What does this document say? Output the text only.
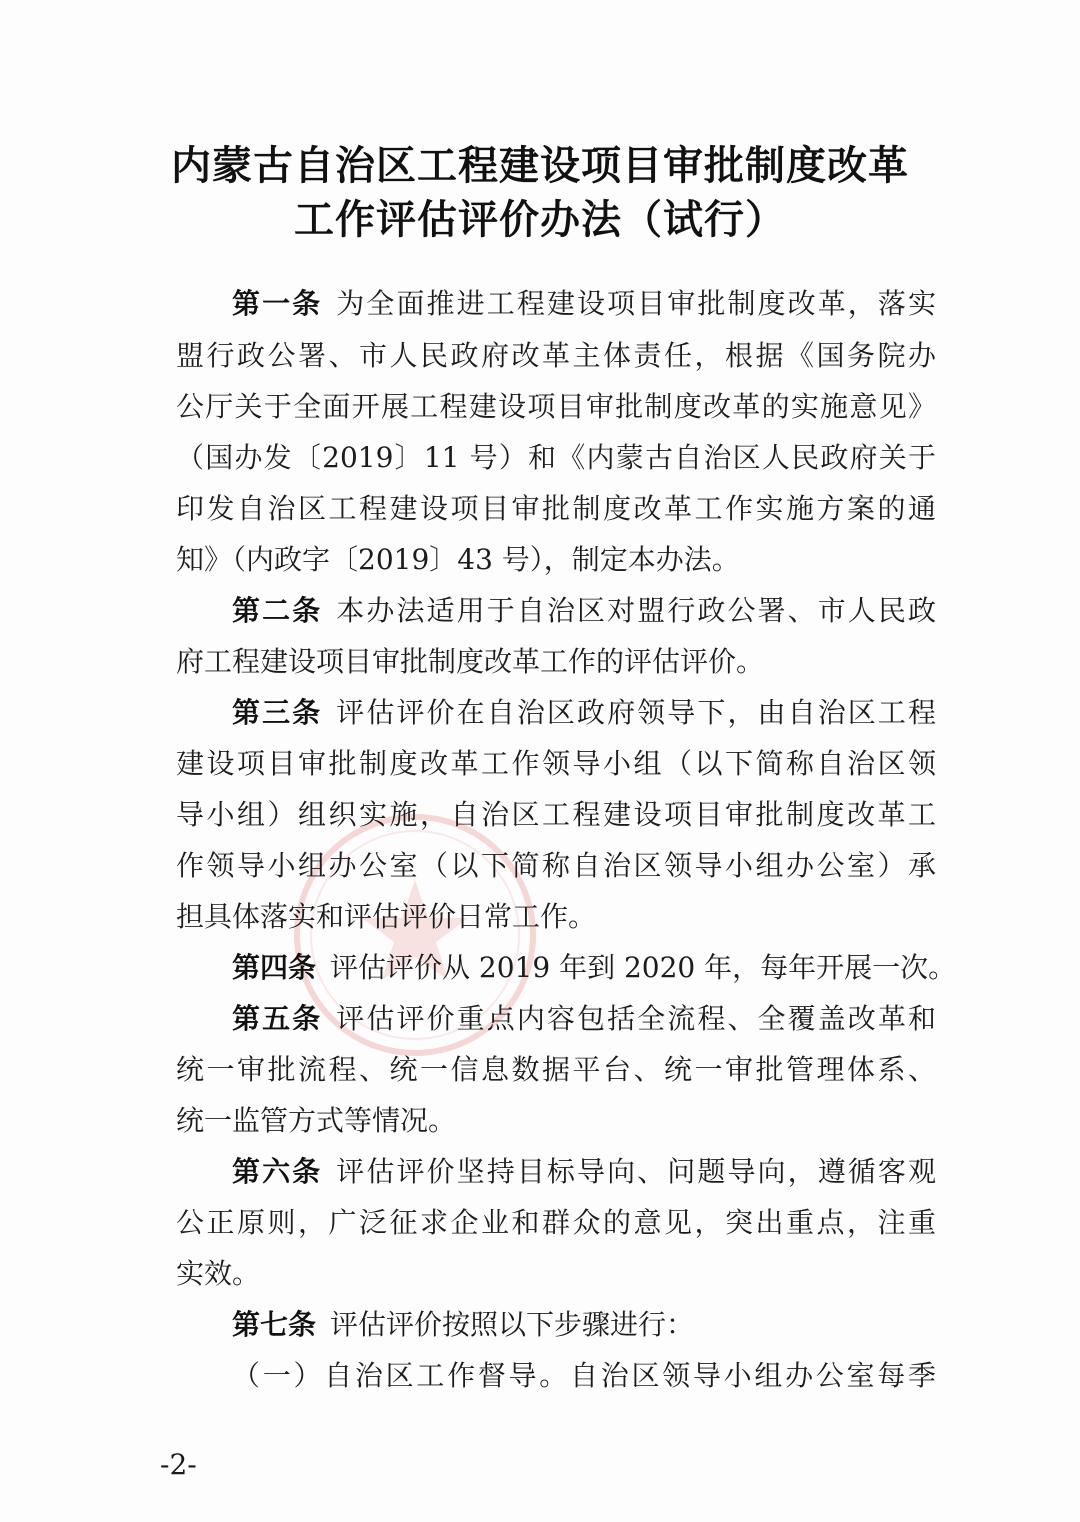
内蒙古自治区工程建设项目审批制度改革
工作评估评价办法（试行）
第一条 为全面推进工程建设项目审批制度改革，落实
盟行政公署、市人民政府改革主体责任，根据《国务院办
公厅关于全面开展工程建设项目审批制度改革的实施意见》
（国办发〔2019〕11 号）和《内蒙古自治区人民政府关于
印发自治区工程建设项目审批制度改革工作实施方案的通
知》（内政字〔2019〕43 号），制定本办法。
第二条 本办法适用于自治区对盟行政公署、市人民政
府工程建设项目审批制度改革工作的评估评价。
第三条 评估评价在自治区政府领导下，由自治区工程
建设项目审批制度改革工作领导小组（以下简称自治区领
导小组）组织实施，自治区工程建设项目审批制度改革工
作领导小组办公室（以下简称自治区领导小组办公室）承
担具体落实和评估评价日常工作。
第四条 评估评价从 2019 年到 2020 年，每年开展一次。
第五条 评估评价重点内容包括全流程、全覆盖改革和
统一审批流程、统一信息数据平台、统一审批管理体系、
统一监管方式等情况。
第六条 评估评价坚持目标导向、问题导向，遵循客观
公正原则，广泛征求企业和群众的意见，突出重点，注重
实效。
第七条 评估评价按照以下步骤进行：
（一）自治区工作督导。自治区领导小组办公室每季
-2-
